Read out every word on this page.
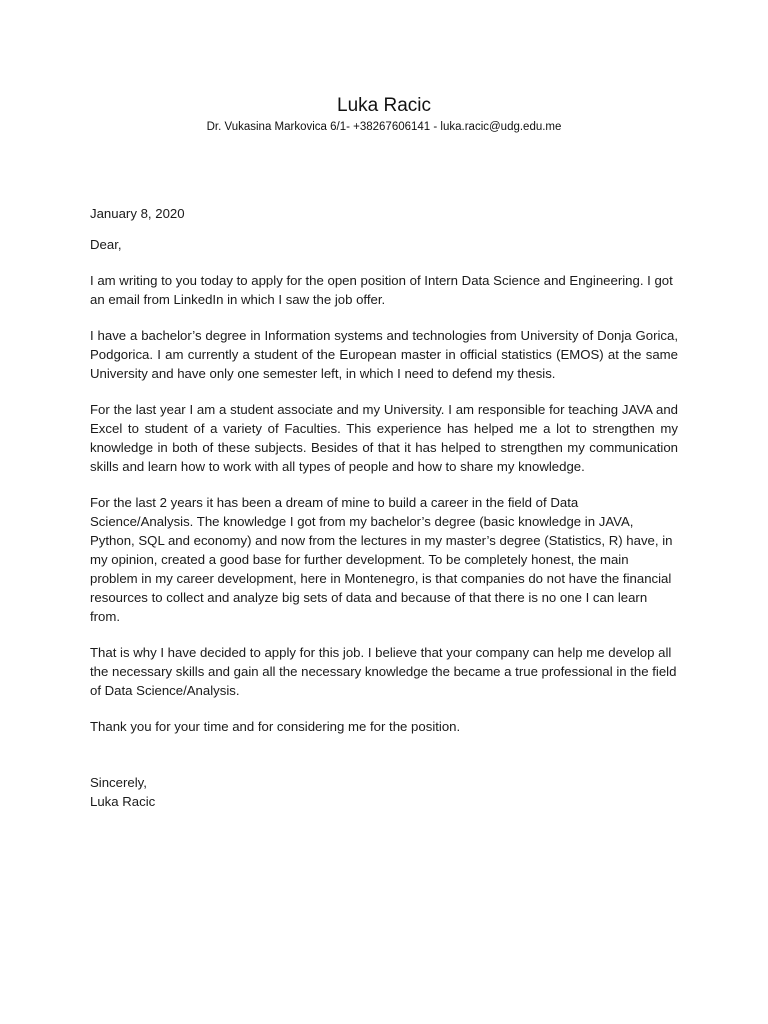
Luka Racic
Dr. Vukasina Markovica 6/1- +38267606141 - luka.racic@udg.edu.me

January 8, 2020

Dear,

I am writing to you today to apply for the open position of Intern Data Science and Engineering. I got an email from LinkedIn in which I saw the job offer.

I have a bachelor’s degree in Information systems and technologies from University of Donja Gorica, Podgorica. I am currently a student of the European master in official statistics (EMOS) at the same University and have only one semester left, in which I need to defend my thesis.

For the last year I am a student associate and my University. I am responsible for teaching JAVA and Excel to student of a variety of Faculties. This experience has helped me a lot to strengthen my knowledge in both of these subjects. Besides of that it has helped to strengthen my communication skills and learn how to work with all types of people and how to share my knowledge.

For the last 2 years it has been a dream of mine to build a career in the field of Data Science/Analysis. The knowledge I got from my bachelor’s degree (basic knowledge in JAVA, Python, SQL and economy) and now from the lectures in my master’s degree (Statistics, R) have, in my opinion, created a good base for further development. To be completely honest, the main problem in my career development, here in Montenegro, is that companies do not have the financial resources to collect and analyze big sets of data and because of that there is no one I can learn from.

That is why I have decided to apply for this job. I believe that your company can help me develop all the necessary skills and gain all the necessary knowledge the became a true professional in the field of Data Science/Analysis.

Thank you for your time and for considering me for the position.

Sincerely,

Luka Racic
